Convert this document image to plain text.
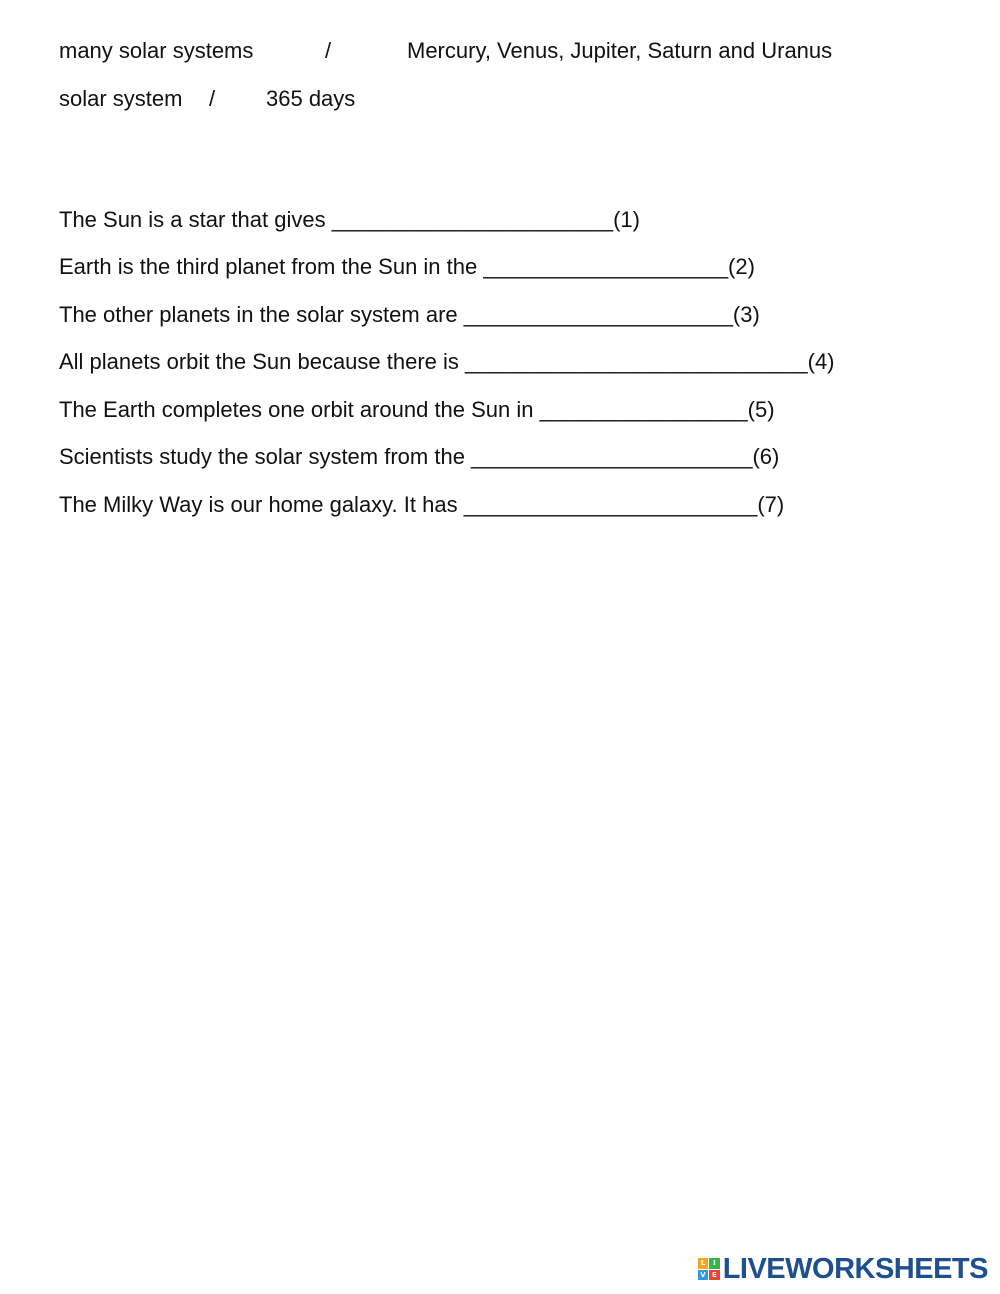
many solar systems	/	Mercury, Venus, Jupiter, Saturn and Uranus
solar system / 365 days
The Sun is a star that gives _______________________(1)
Earth is the third planet from the Sun in the ____________________(2)
The other planets in the solar system are ______________________(3)
All planets orbit the Sun because there is ____________________________(4)
The Earth completes one orbit around the Sun in _________________(5)
Scientists study the solar system from the _______________________(6)
The Milky Way is our home galaxy. It has ________________________(7)
L	I
V E LIVEWORKSHEETS
